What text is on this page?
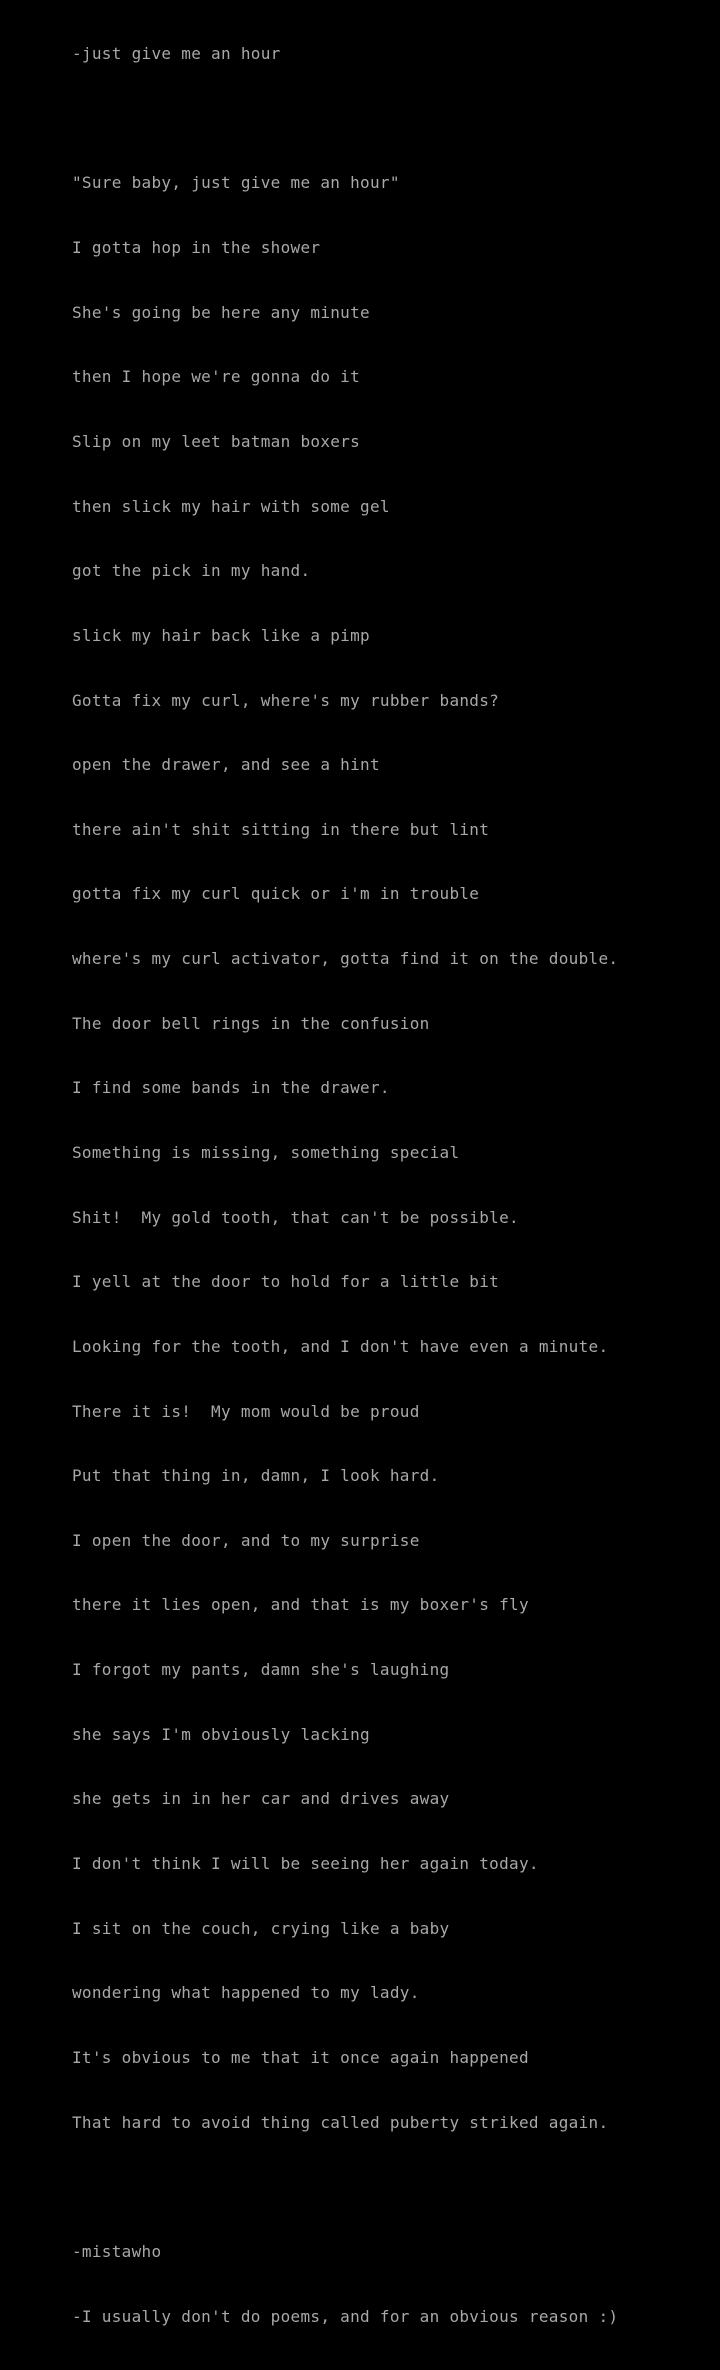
-just give me an hour

"Sure baby, just give me an hour"

I gotta hop in the shower

She's going be here any minute

then I hope we're gonna do it

Slip on my leet batman boxers

then slick my hair with some gel

got the pick in my hand.

slick my hair back like a pimp

Gotta fix my curl, where's my rubber bands?

open the drawer, and see a hint

there ain't shit sitting in there but lint

gotta fix my curl quick or i'm in trouble

where's my curl activator, gotta find it on the double.

The door bell rings in the confusion

I find some bands in the drawer.

Something is missing, something special

Shit!  My gold tooth, that can't be possible.

I yell at the door to hold for a little bit

Looking for the tooth, and I don't have even a minute.

There it is!  My mom would be proud

Put that thing in, damn, I look hard.

I open the door, and to my surprise

there it lies open, and that is my boxer's fly

I forgot my pants, damn she's laughing

she says I'm obviously lacking

she gets in in her car and drives away

I don't think I will be seeing her again today.

I sit on the couch, crying like a baby

wondering what happened to my lady.

It's obvious to me that it once again happened

That hard to avoid thing called puberty striked again.

-mistawho

-I usually don't do poems, and for an obvious reason :)
